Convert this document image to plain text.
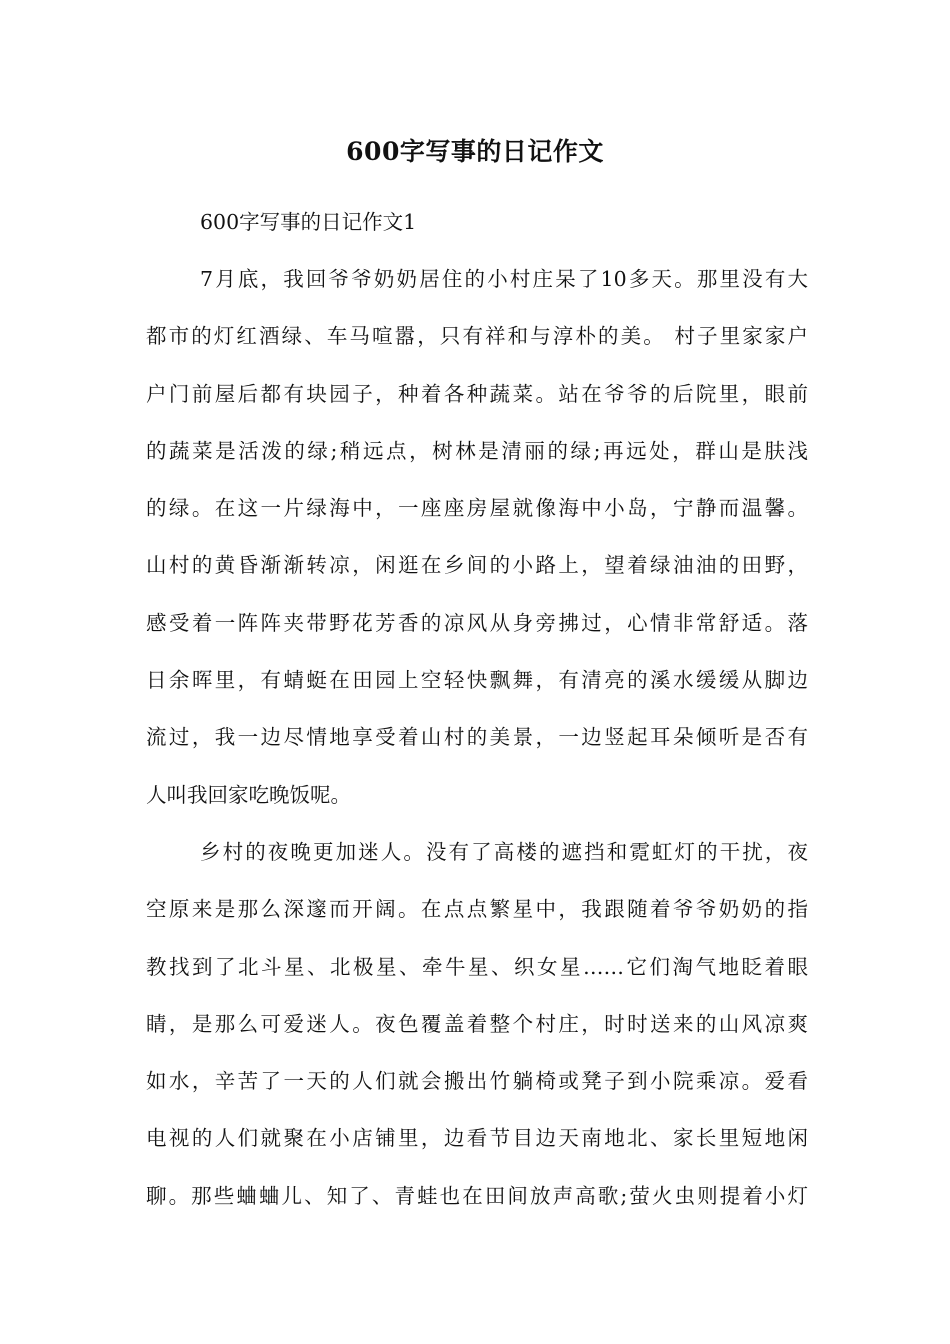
600字写事的日记作文

600字写事的日记作文1

7月底，我回爷爷奶奶居住的小村庄呆了10多天。那里没有大
都市的灯红酒绿、车马喧嚣，只有祥和与淳朴的美。 村子里家家户
户门前屋后都有块园子，种着各种蔬菜。站在爷爷的后院里，眼前
的蔬菜是活泼的绿;稍远点，树林是清丽的绿;再远处，群山是肤浅
的绿。在这一片绿海中，一座座房屋就像海中小岛，宁静而温馨。
山村的黄昏渐渐转凉，闲逛在乡间的小路上，望着绿油油的田野，
感受着一阵阵夹带野花芳香的凉风从身旁拂过，心情非常舒适。落
日余晖里，有蜻蜓在田园上空轻快飘舞，有清亮的溪水缓缓从脚边
流过，我一边尽情地享受着山村的美景，一边竖起耳朵倾听是否有
人叫我回家吃晚饭呢。
乡村的夜晚更加迷人。没有了高楼的遮挡和霓虹灯的干扰，夜
空原来是那么深邃而开阔。在点点繁星中，我跟随着爷爷奶奶的指
教找到了北斗星、北极星、牵牛星、织女星……它们淘气地眨着眼
睛，是那么可爱迷人。夜色覆盖着整个村庄，时时送来的山风凉爽
如水，辛苦了一天的人们就会搬出竹躺椅或凳子到小院乘凉。爱看
电视的人们就聚在小店铺里，边看节目边天南地北、家长里短地闲
聊。那些蛐蛐儿、知了、青蛙也在田间放声高歌;萤火虫则提着小灯
